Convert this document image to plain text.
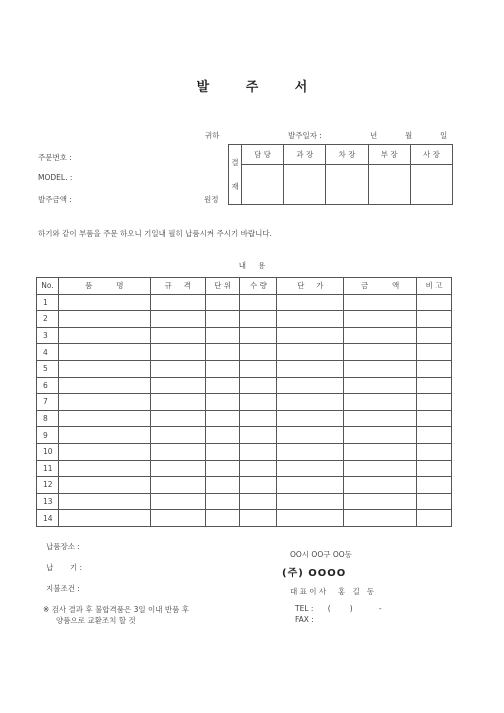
발 주 서
귀하	발주일자 :	년	월	일
주문번호 :
MODEL. :
발주금액 :	원정
결
재	담 당	과 장	차 장	부 장	사 장

하기와 같이 부품을 주문 하오니 기일내 필히 납품시켜 주시기 바랍니다.
내     용
No.	품          명	규     격	단 위	수 량	단     가	금          액	비 고
1							
2							
3							
4							
5							
6							
7							
8							
9							
10							
11							
12							
13							
14							
납품장소 :
납       기 :
지불조건 :
※ 검사 결과 후 불합격품은 3일 이내 반품 후
양품으로 교환조치 할 것
OO시 OO구 OO동
(주) OOOO
대 표 이 사     홍   길   동
TEL :      (        )           -
FAX :
